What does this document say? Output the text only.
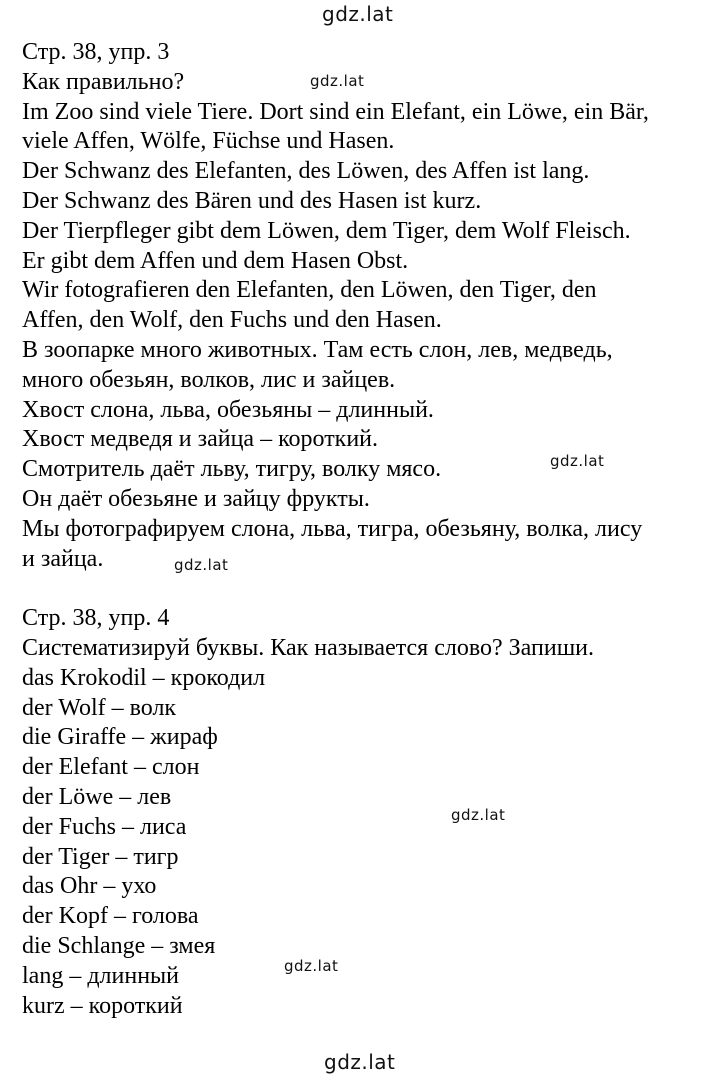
gdz.lat
gdz.lat
gdz.lat
gdz.lat
gdz.lat
gdz.lat
gdz.lat
Стр. 38, упр. 3
Как правильно?
Im Zoo sind viele Tiere. Dort sind ein Elefant, ein Löwe, ein Bär,
viele Affen, Wölfe, Füchse und Hasen.
Der Schwanz des Elefanten, des Löwen, des Affen ist lang.
Der Schwanz des Bären und des Hasen ist kurz.
Der Tierpfleger gibt dem Löwen, dem Tiger, dem Wolf Fleisch.
Er gibt dem Affen und dem Hasen Obst.
Wir fotografieren den Elefanten, den Löwen, den Tiger, den
Affen, den Wolf, den Fuchs und den Hasen.
В зоопарке много животных. Там есть слон, лев, медведь,
много обезьян, волков, лис и зайцев.
Хвост слона, льва, обезьяны – длинный.
Хвост медведя и зайца – короткий.
Смотритель даёт льву, тигру, волку мясо.
Он даёт обезьяне и зайцу фрукты.
Мы фотографируем слона, льва, тигра, обезьяну, волка, лису
и зайца.
Стр. 38, упр. 4
Систематизируй буквы. Как называется слово? Запиши.
das Krokodil – крокодил
der Wolf – волк
die Giraffe – жираф
der Elefant – слон
der Löwe – лев
der Fuchs – лиса
der Tiger – тигр
das Ohr – ухо
der Kopf – голова
die Schlange – змея
lang – длинный
kurz – короткий
